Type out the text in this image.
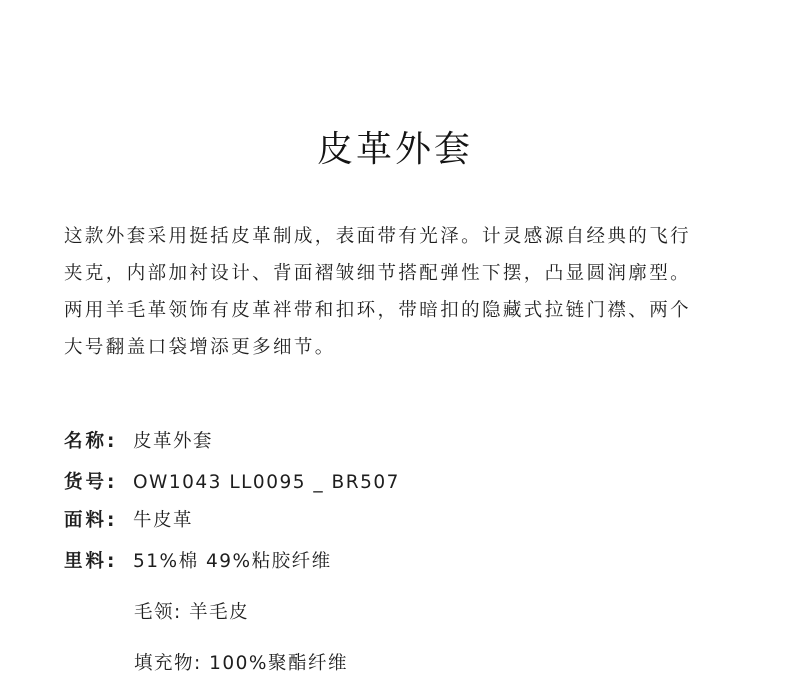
皮革外套
这款外套采用挺括皮革制成，表面带有光泽。计灵感源自经典的飞行
夹克，内部加衬设计、背面褶皱细节搭配弹性下摆，凸显圆润廓型。
两用羊毛革领饰有皮革袢带和扣环，带暗扣的隐藏式拉链门襟、两个
大号翻盖口袋增添更多细节。
名称: 皮革外套
货号: OW1043 LL0095 _ BR507
面料: 牛皮革
里料: 51%棉 49%粘胶纤维
毛领: 羊毛皮
填充物: 100%聚酯纤维
